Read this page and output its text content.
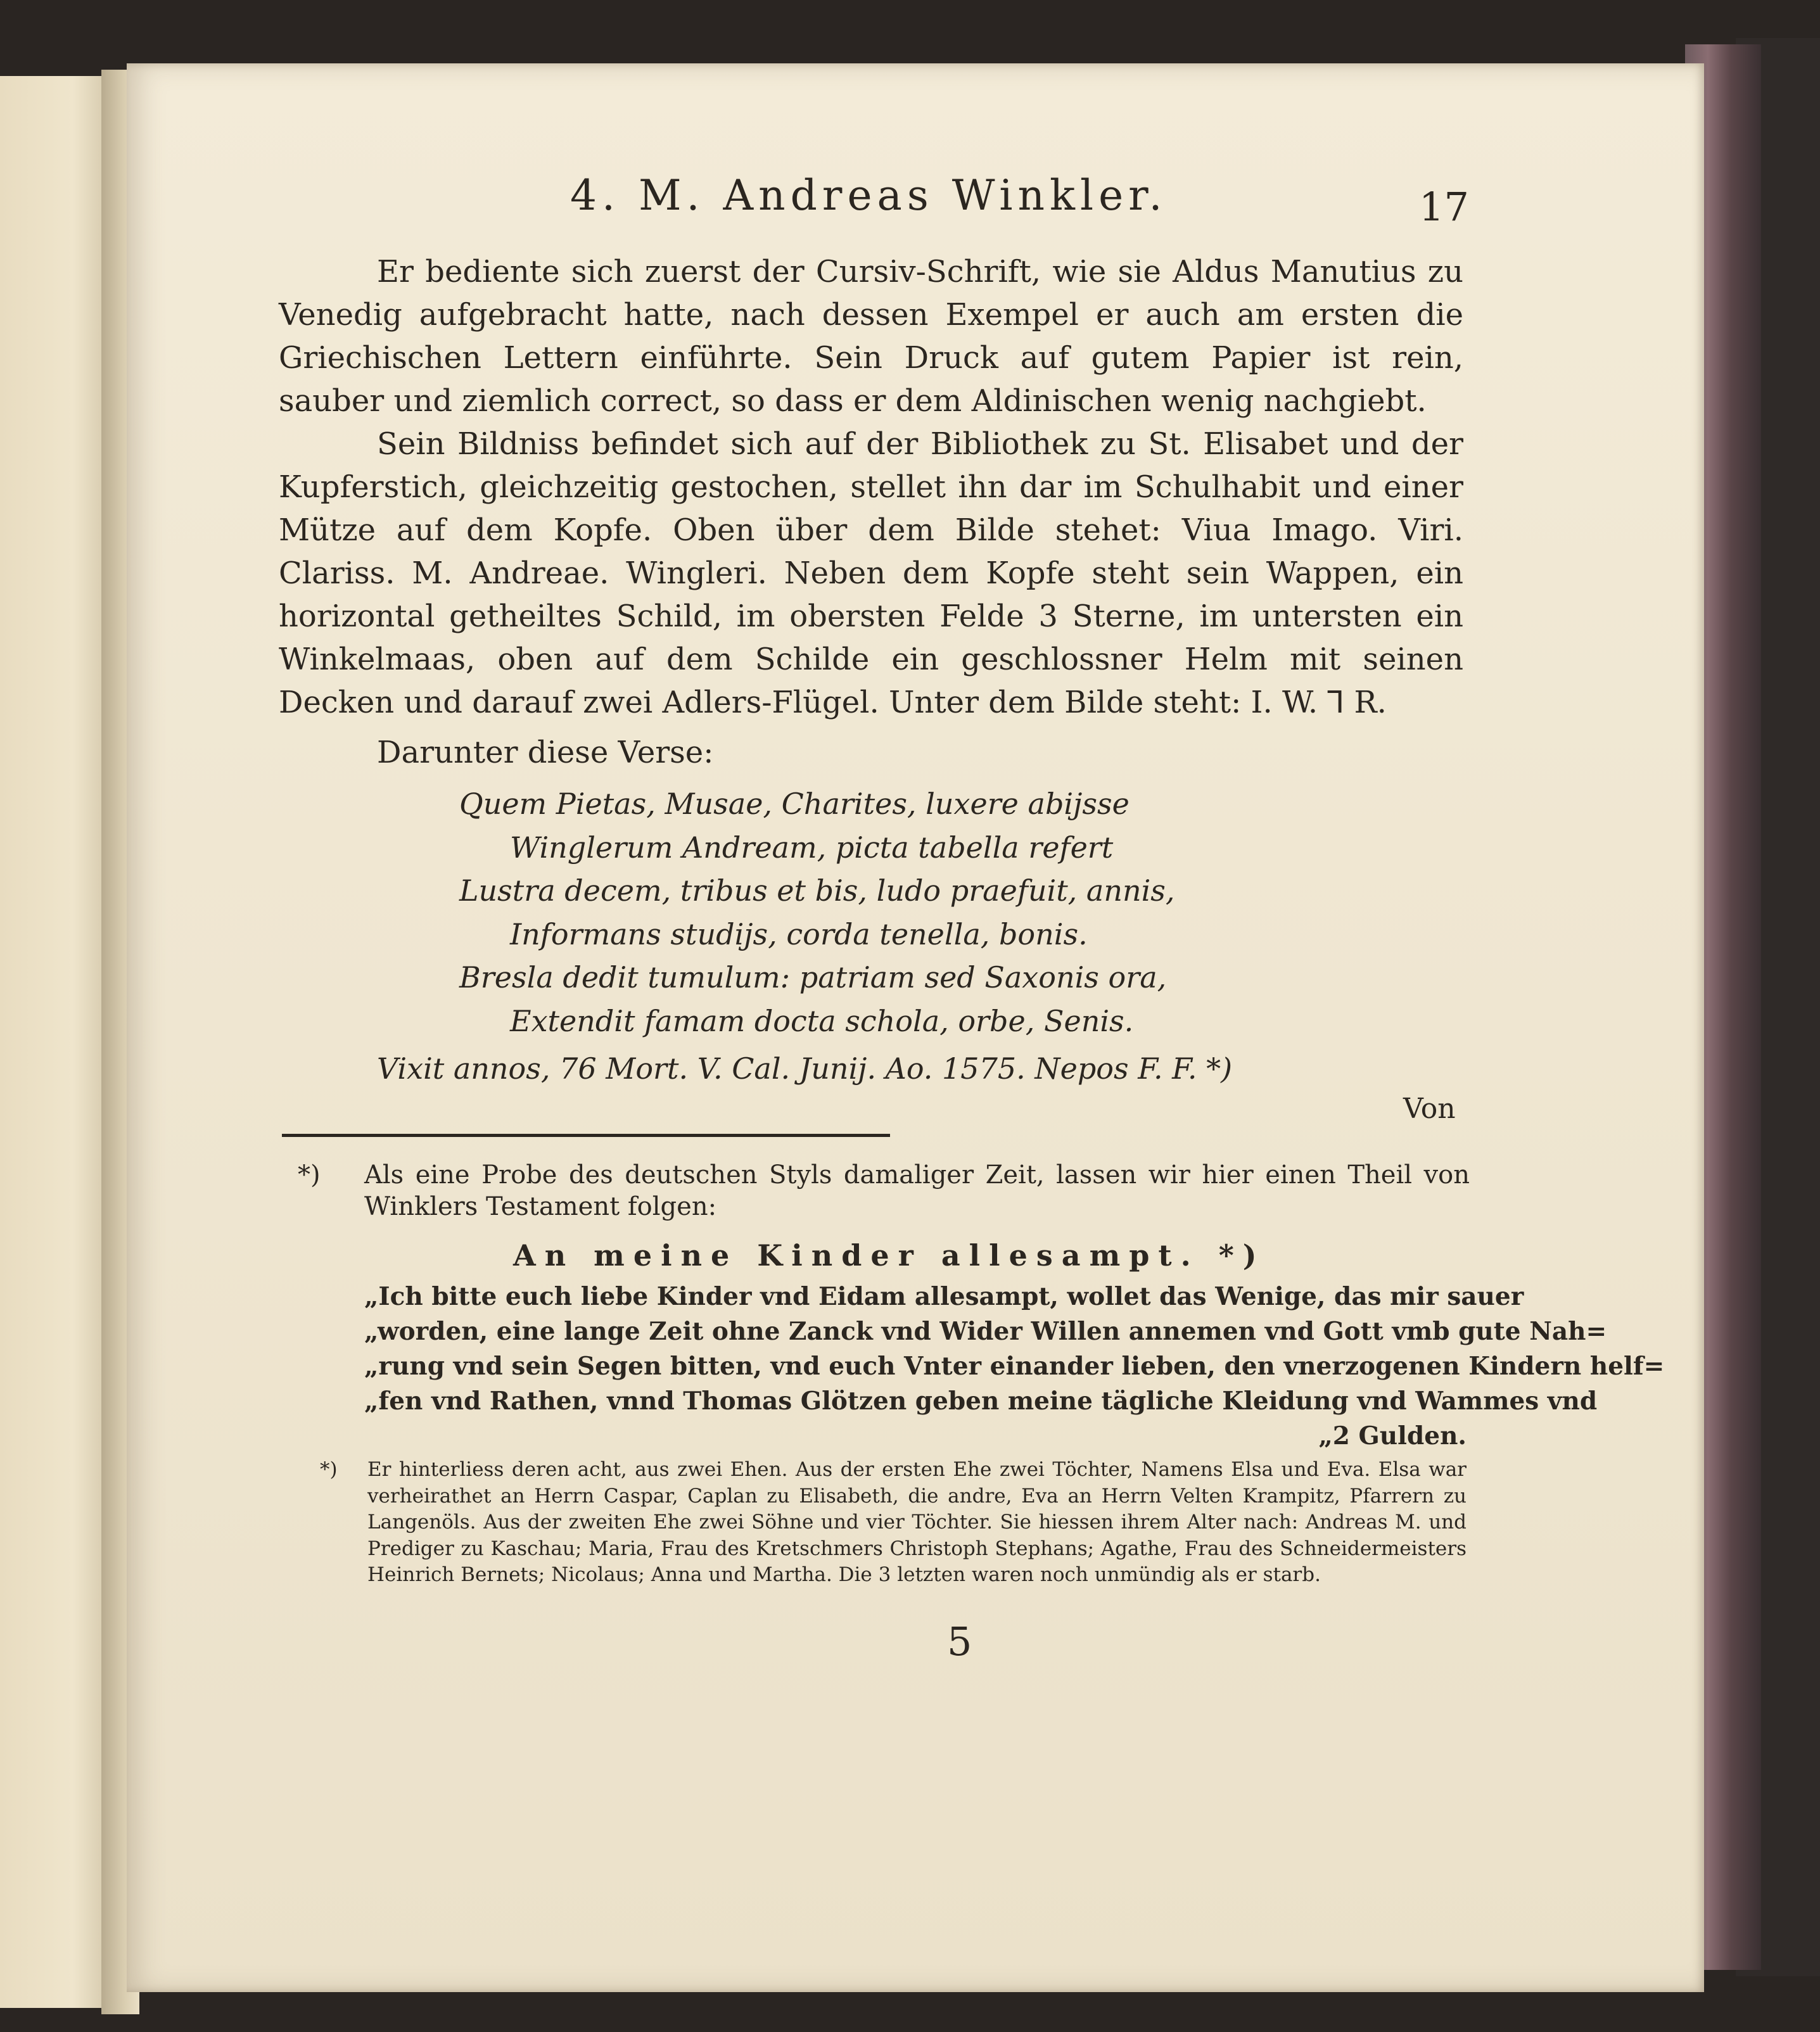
4. M. Andreas Winkler.	17

Er bediente sich zuerst der Cursiv-Schrift, wie sie Aldus Manutius zu Venedig aufgebracht hatte, nach dessen Exempel er auch am ersten die Griechischen Lettern einführte. Sein Druck auf gutem Papier ist rein, sauber und ziemlich correct, so dass er dem Aldinischen wenig nachgiebt.

Sein Bildniss befindet sich auf der Bibliothek zu St. Elisabet und der Kupferstich, gleichzeitig gestochen, stellet ihn dar im Schulhabit und einer Mütze auf dem Kopfe. Oben über dem Bilde stehet: Viua Imago. Viri. Clariss. M. Andreae. Wingleri. Neben dem Kopfe steht sein Wappen, ein horizontal getheiltes Schild, im obersten Felde 3 Sterne, im untersten ein Winkelmaas, oben auf dem Schilde ein geschlossner Helm mit seinen Decken und darauf zwei Adlers-Flügel. Unter dem Bilde steht: I. W. ⅂ R.

Darunter diese Verse:
Quem Pietas, Musae, Charites, luxere abijsse
Winglerum Andream, picta tabella refert
Lustra decem, tribus et bis, ludo praefuit, annis,
Informans studijs, corda tenella, bonis.
Bresla dedit tumulum: patriam sed Saxonis ora,
Extendit famam docta schola, orbe, Senis.
Vixit annos, 76 Mort. V. Cal. Junij. Ao. 1575. Nepos F. F. *)
Von
*)	Als eine Probe des deutschen Styls damaliger Zeit, lassen wir hier einen Theil von Winklers Testament folgen:
An meine Kinder allesampt. *)
„Ich bitte euch liebe Kinder vnd Eidam allesampt, wollet das Wenige, das mir sauer
„worden, eine lange Zeit ohne Zanck vnd Wider Willen annemen vnd Gott vmb gute Nah=
„rung vnd sein Segen bitten, vnd euch Vnter einander lieben, den vnerzogenen Kindern helf=
„fen vnd Rathen, vnnd Thomas Glötzen geben meine tägliche Kleidung vnd Wammes vnd
„2 Gulden.
*)	Er hinterliess deren acht, aus zwei Ehen. Aus der ersten Ehe zwei Töchter, Namens Elsa und Eva. Elsa war verheirathet an Herrn Caspar, Caplan zu Elisabeth, die andre, Eva an Herrn Velten Krampitz, Pfarrern zu Langenöls. Aus der zweiten Ehe zwei Söhne und vier Töchter. Sie hiessen ihrem Alter nach: Andreas M. und Prediger zu Kaschau; Maria, Frau des Kretschmers Christoph Stephans; Agathe, Frau des Schneidermeisters Heinrich Bernets; Nicolaus; Anna und Martha. Die 3 letzten waren noch unmündig als er starb.
5
